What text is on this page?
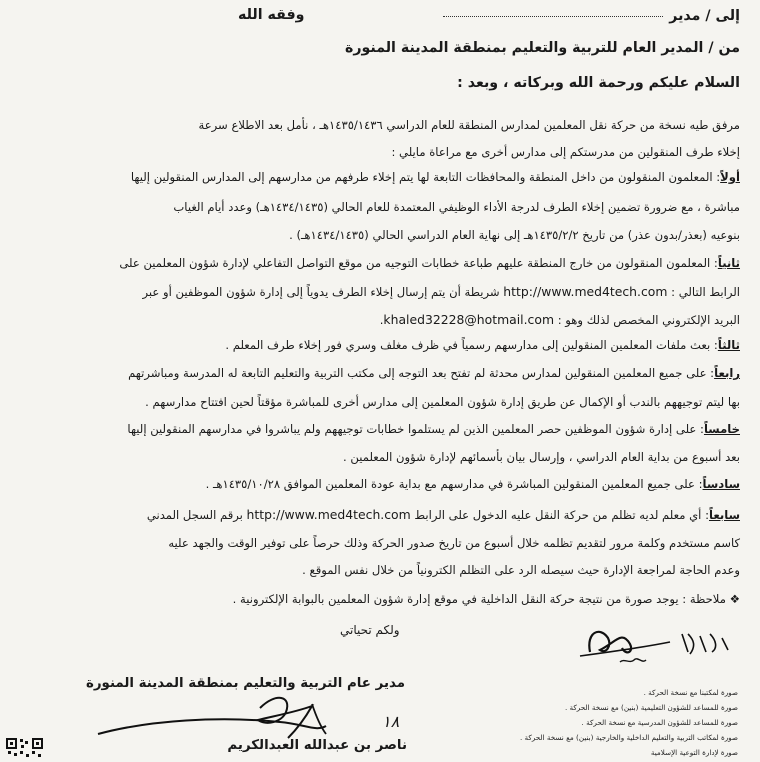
إلى / مدير
وفقه الله
من / المدير العام للتربية والتعليم بمنطقة المدينة المنورة
السلام عليكم ورحمة الله وبركاته ، وبعد :
مرفق طيه نسخة من حركة نقل المعلمين لمدارس المنطقة للعام الدراسي ١٤٣٥/١٤٣٦هـ ، نأمل بعد الاطلاع سرعة
إخلاء طرف المنقولين من مدرستكم إلى مدارس أخرى مع مراعاة مايلي :
أولاً: المعلمون المنقولون من داخل المنطقة والمحافظات التابعة لها يتم إخلاء طرفهم من مدارسهم إلى المدارس المنقولين إليها
مباشرة ، مع ضرورة تضمين إخلاء الطرف لدرجة الأداء الوظيفي المعتمدة للعام الحالي (١٤٣٤/١٤٣٥هـ) وعدد أيام الغياب
بنوعيه (بعذر/بدون عذر) من تاريخ ١٤٣٥/٢/٢هـ إلى نهاية العام الدراسي الحالي (١٤٣٤/١٤٣٥هـ) .
ثانياً: المعلمون المنقولون من خارج المنطقة عليهم طباعة خطابات التوجيه من موقع التواصل التفاعلي لإدارة شؤون المعلمين على
الرابط التالي : http://www.med4tech.com شريطة أن يتم إرسال إخلاء الطرف يدوياً إلى إدارة شؤون الموظفين أو عبر
البريد الإلكتروني المخصص لذلك وهو : khaled32228@hotmail.com.
ثالثاً: بعث ملفات المعلمين المنقولين إلى مدارسهم رسمياً في ظرف مغلف وسري فور إخلاء طرف المعلم .
رابعاً: على جميع المعلمين المنقولين لمدارس محدثة لم تفتح بعد التوجه إلى مكتب التربية والتعليم التابعة له المدرسة ومباشرتهم
بها ليتم توجيههم بالندب أو الإكمال عن طريق إدارة شؤون المعلمين إلى مدارس أخرى للمباشرة مؤقتاً لحين افتتاح مدارسهم .
خامساً: على إدارة شؤون الموظفين حصر المعلمين الذين لم يستلموا خطابات توجيههم ولم يباشروا في مدارسهم المنقولين إليها
بعد أسبوع من بداية العام الدراسي ، وإرسال بيان بأسمائهم لإدارة شؤون المعلمين .
سادساً: على جميع المعلمين المنقولين المباشرة في مدارسهم مع بداية عودة المعلمين الموافق ١٤٣٥/١٠/٢٨هـ .
سابعاً: أي معلم لديه تظلم من حركة النقل عليه الدخول على الرابط http://www.med4tech.com برقم السجل المدني
كاسم مستخدم وكلمة مرور لتقديم تظلمه خلال أسبوع من تاريخ صدور الحركة وذلك حرصاً على توفير الوقت والجهد عليه
وعدم الحاجة لمراجعة الإدارة حيث سيصله الرد على التظلم الكترونياً من خلال نفس الموقع .
❖ ملاحظة : يوجد صورة من نتيجة حركة النقل الداخلية في موقع إدارة شؤون المعلمين بالبوابة الإلكترونية .
ولكم تحياتي
مدير عام التربية والتعليم بمنطقة المدينة المنورة
١٨
ناصر بن عبدالله العبدالكريم
صورة لمكتبنا مع نسخة الحركة .
صورة للمساعد للشؤون التعليمية (بنين) مع نسخة الحركة .
صورة للمساعد للشؤون المدرسية مع نسخة الحركة .
صورة لمكاتب التربية والتعليم الداخلية والخارجية (بنين) مع نسخة الحركة .
صورة لإدارة التوعية الإسلامية
